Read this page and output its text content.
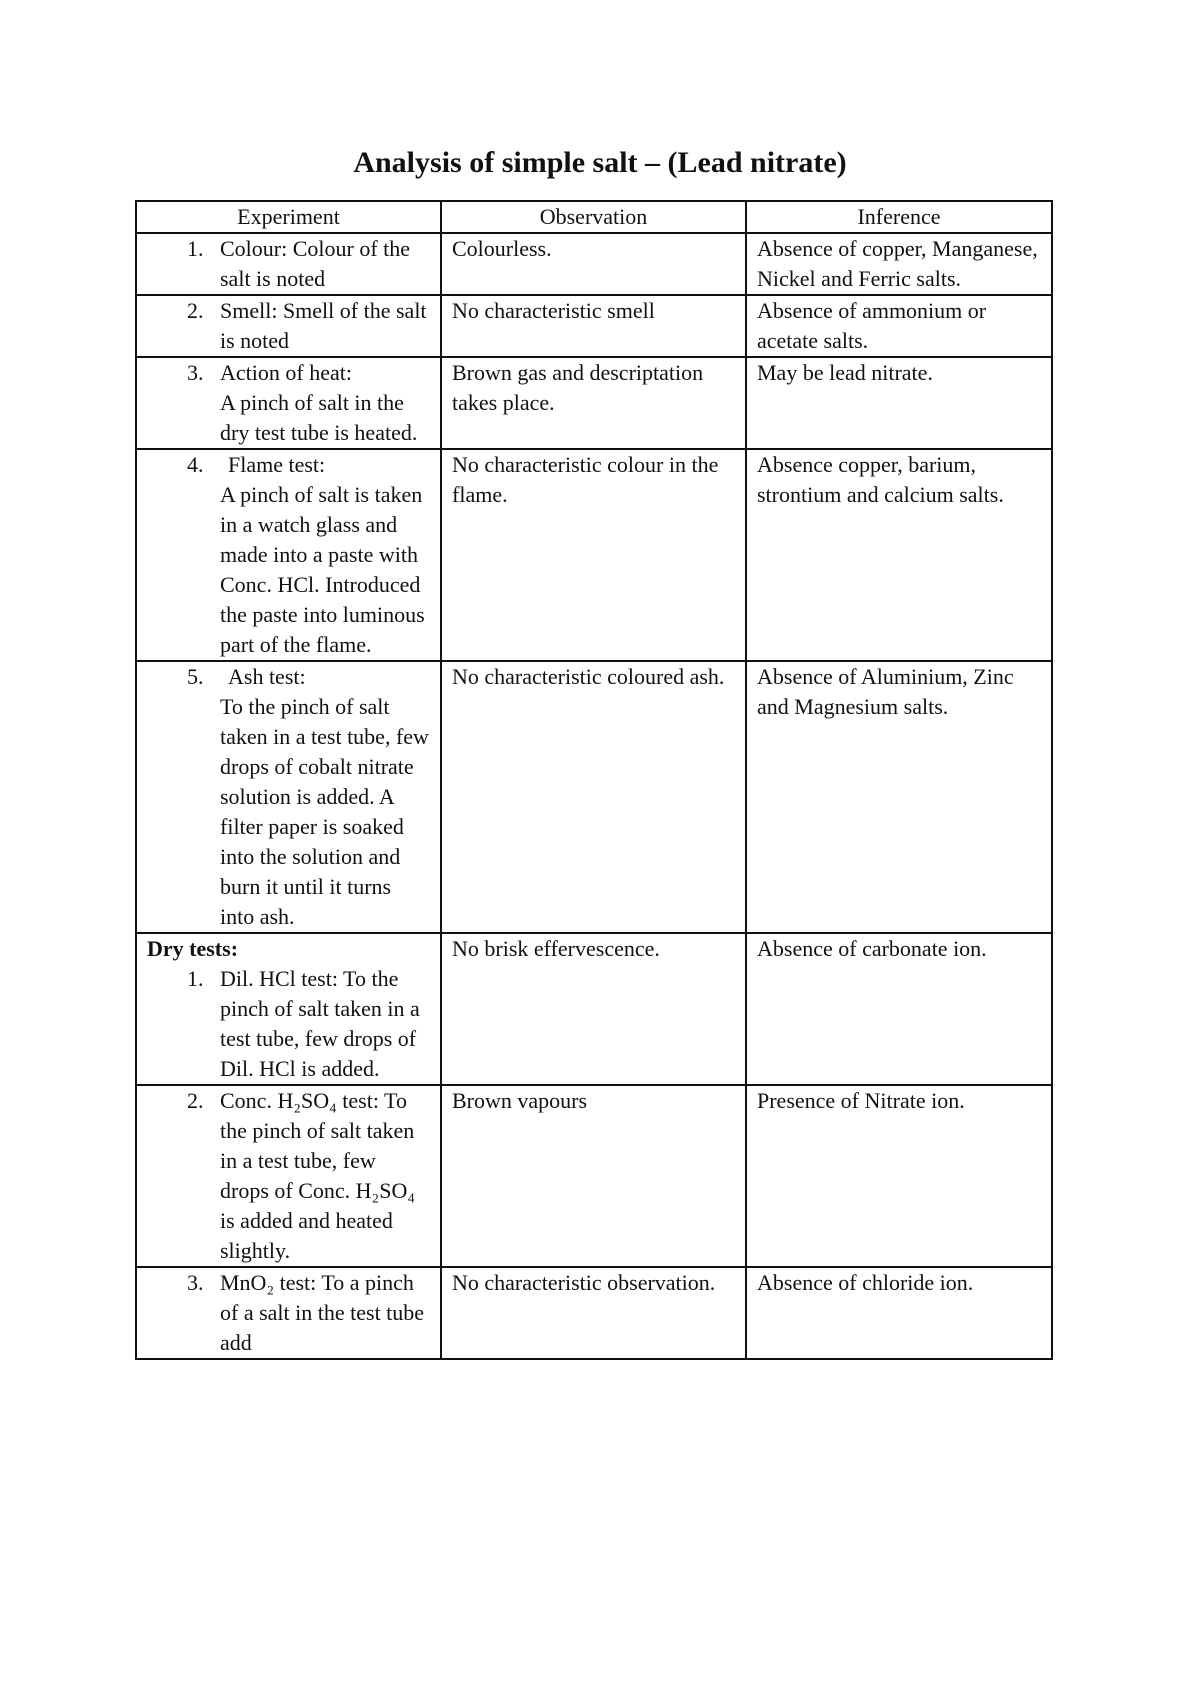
Analysis of simple salt – (Lead nitrate)
Experiment	Observation	Inference

1. Colour: Colour of the salt is noted	Colourless.	Absence of copper, Manganese, Nickel and Ferric salts.

2. Smell: Smell of the salt is noted	No characteristic smell	Absence of ammonium or acetate salts.

3. Action of heat:
A pinch of salt in the dry test tube is heated.	Brown gas and descriptation takes place.	May be lead nitrate.

4. Flame test:
A pinch of salt is taken in a watch glass and made into a paste with Conc. HCl. Introduced the paste into luminous part of the flame.	No characteristic colour in the flame.	Absence copper, barium, strontium and calcium salts.

5. Ash test:
To the pinch of salt taken in a test tube, few drops of cobalt nitrate solution is added. A filter paper is soaked into the solution and burn it until it turns into ash.	No characteristic coloured ash.	Absence of Aluminium, Zinc and Magnesium salts.

Dry tests:
1. Dil. HCl test: To the pinch of salt taken in a test tube, few drops of Dil. HCl is added.	No brisk effervescence.	Absence of carbonate ion.

2. Conc. H₂SO₄ test: To the pinch of salt taken in a test tube, few drops of Conc. H₂SO₄ is added and heated slightly.	Brown vapours	Presence of Nitrate ion.

3. MnO₂ test: To a pinch of a salt in the test tube add	No characteristic observation.	Absence of chloride ion.
